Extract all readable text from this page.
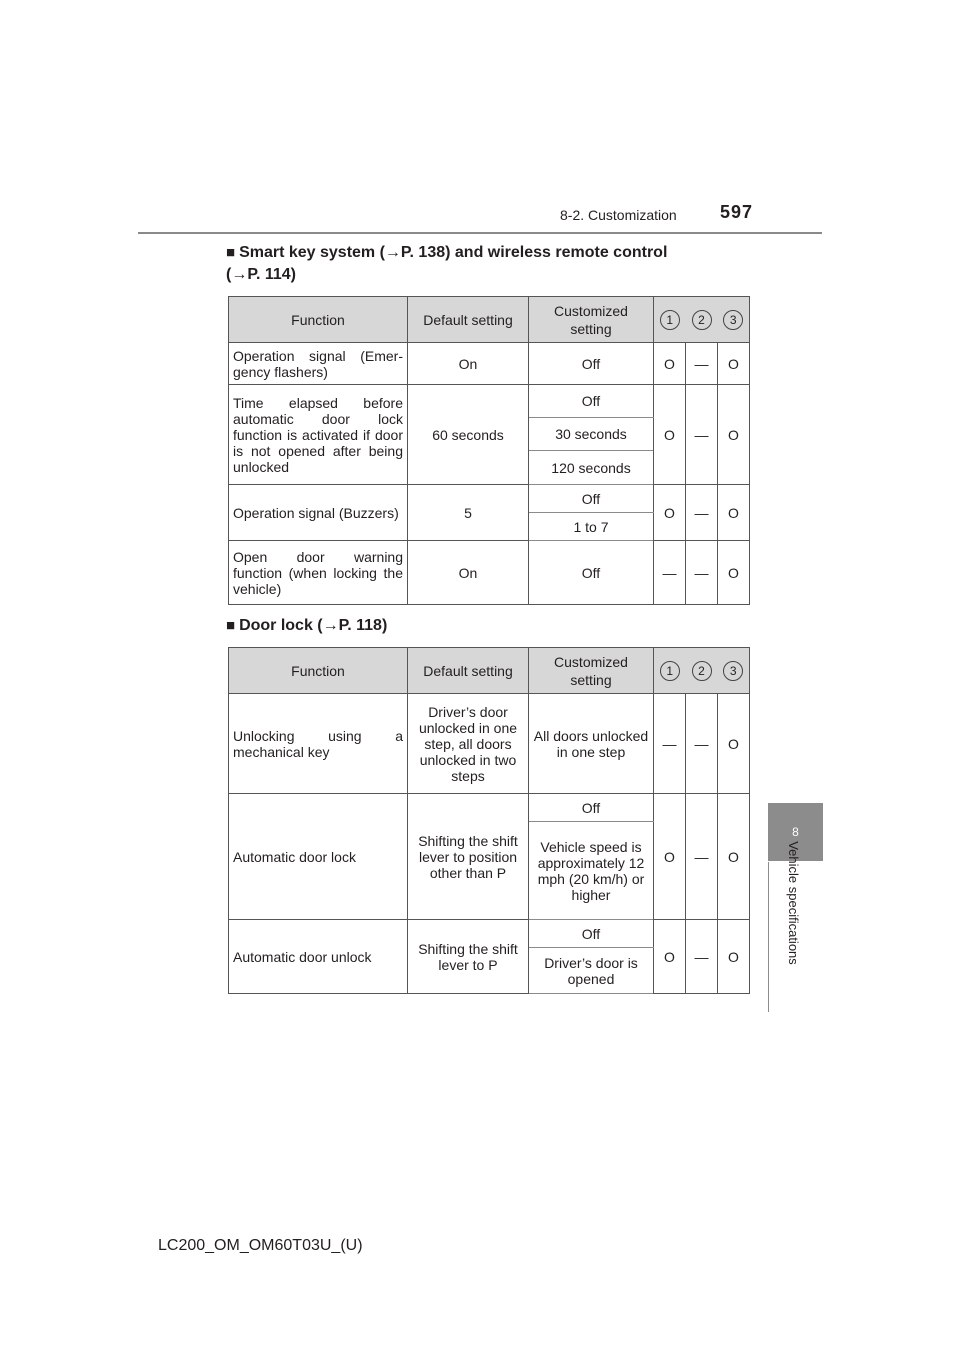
8-2. Customization 597
8
Vehicle specifications
■ Smart key system (→P. 138) and wireless remote control (→P. 114)
Function	Default setting	Customized setting	1	2	3
Operation signal (Emer-gency flashers)	On	Off	O	—	O
Time elapsed before automatic door lock function is activated if door is not opened after being unlocked	60 seconds	Off	O	—	O
		30 seconds			
		120 seconds			
Operation signal (Buzzers)	5	Off	O	—	O
		1 to 7			
Open door warning function (when locking the vehicle)	On	Off	—	—	O
■ Door lock (→P. 118)
Function	Default setting	Customized setting	1	2	3
Unlocking using a mechanical key	Driver’s door unlocked in one step, all doors unlocked in two steps	All doors unlocked in one step	—	—	O
Automatic door lock	Shifting the shift lever to position other than P	Off	O	—	O
		Vehicle speed is approximately 12 mph (20 km/h) or higher			
Automatic door unlock	Shifting the shift lever to P	Off	O	—	O
		Driver’s door is opened			
LC200_OM_OM60T03U_(U)
